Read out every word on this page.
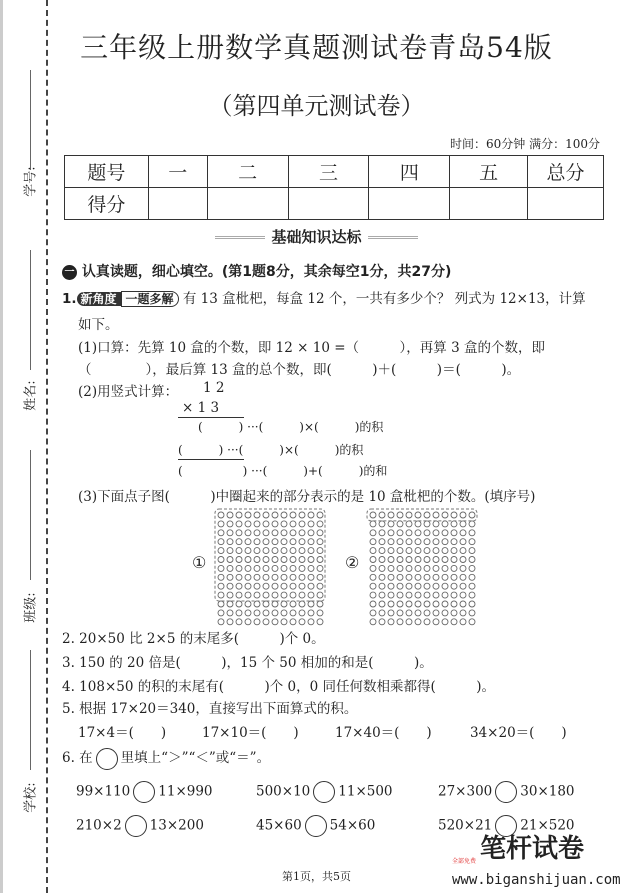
学号:
姓名:
班级:
学校:
三年级上册数学真题测试卷青岛54版
（第四单元测试卷）
时间：60分钟 满分：100分
题号	一	二	三	四	五	总分
得分						
基础知识达标
一 认真读题，细心填空。(第1题8分，其余每空1分，共27分)
1. 新角度 一题多解 有 13 盒枇杷，每盒 12 个，一共有多少个？ 列式为 12×13，计算
如下。
(1)口算：先算 10 盒的个数，即 12 × 10 =（　　　），再算 3 盒的个数，即
（　　　　），最后算 13 盒的总个数，即(　　　)＋(　　　)＝(　　　)。
(2)用竖式计算： 1 2
× 1 3
(　　　) ···(　　　)×(　　　)的积
(　　　) ···(　　　)×(　　　)的积
(　　　　　) ···(　　　)+(　　　)的和
(3)下面点子图(　　　)中圈起来的部分表示的是 10 盒枇杷的个数。(填序号)
①	②
2. 20×50 比 2×5 的末尾多(　　　)个 0。
3. 150 的 20 倍是(　　　)，15 个 50 相加的和是(　　　)。
4. 108×50 的积的末尾有(　　　)个 0，0 同任何数相乘都得(　　　)。
5. 根据 17×20＝340，直接写出下面算式的积。
17×4＝(　　)	17×10＝(　　)	17×40＝(　　)	34×20＝(　　)
6. 在 里填上“＞”“＜”或“＝”。
99×110 11×990	500×10 11×500	27×300 30×180
210×2 13×200	45×60 54×60	520×21 21×520
第1页，共5页
笔杆试卷
全部免费
www.biganshijuan.com
